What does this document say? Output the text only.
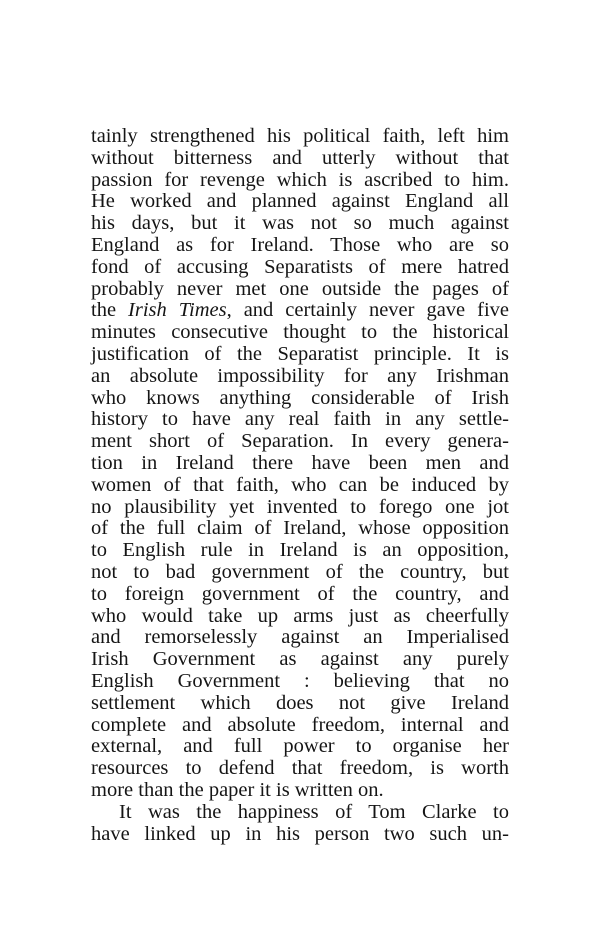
tainly strengthened his political faith, left him
without bitterness and utterly without that
passion for revenge which is ascribed to him.
He worked and planned against England all
his days, but it was not so much against
England as for Ireland. Those who are so
fond of accusing Separatists of mere hatred
probably never met one outside the pages of
the Irish Times, and certainly never gave five
minutes consecutive thought to the historical
justification of the Separatist principle. It is
an absolute impossibility for any Irishman
who knows anything considerable of Irish
history to have any real faith in any settle-
ment short of Separation. In every genera-
tion in Ireland there have been men and
women of that faith, who can be induced by
no plausibility yet invented to forego one jot
of the full claim of Ireland, whose opposition
to English rule in Ireland is an opposition,
not to bad government of the country, but
to foreign government of the country, and
who would take up arms just as cheerfully
and remorselessly against an Imperialised
Irish Government as against any purely
English Government : believing that no
settlement which does not give Ireland
complete and absolute freedom, internal and
external, and full power to organise her
resources to defend that freedom, is worth
more than the paper it is written on.
It was the happiness of Tom Clarke to
have linked up in his person two such un-
